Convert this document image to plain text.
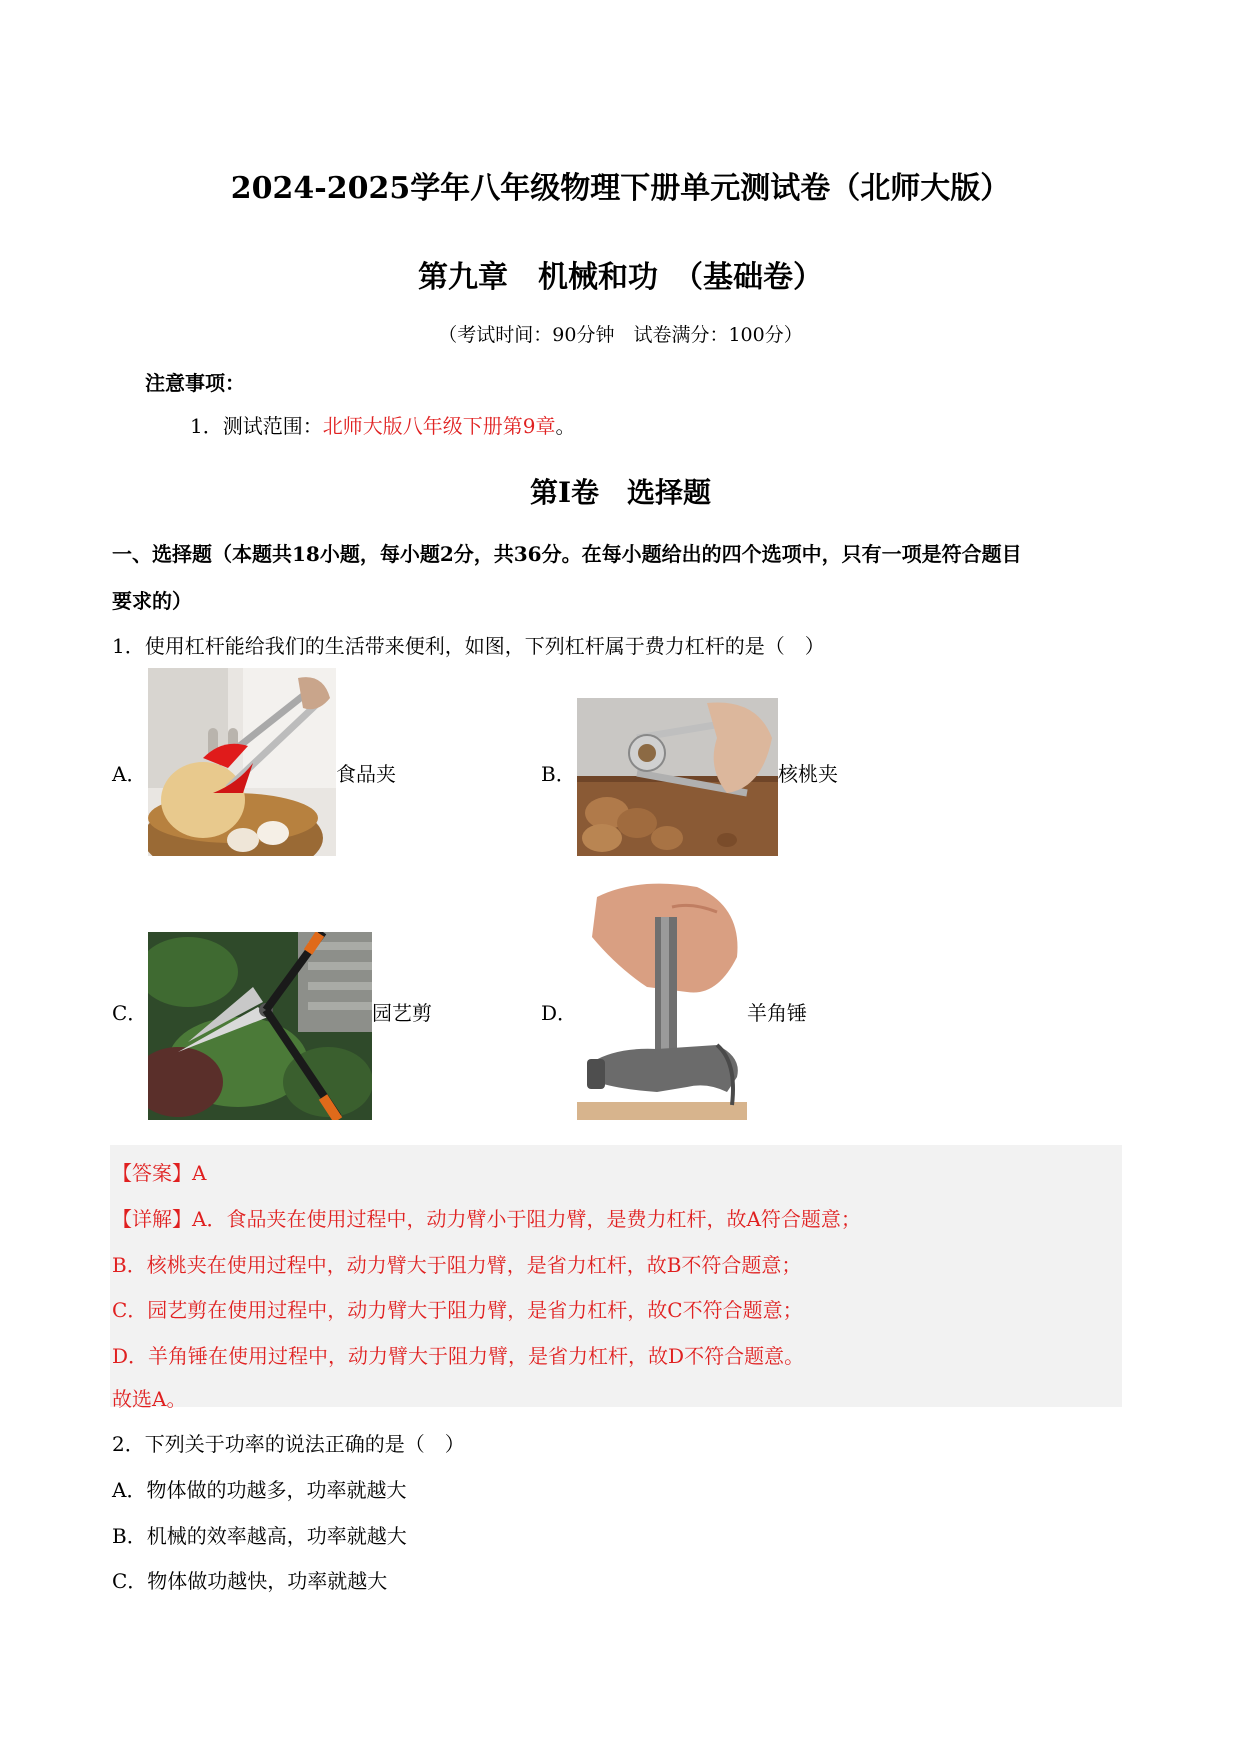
2024-2025学年八年级物理下册单元测试卷（北师大版）
第九章　机械和功　（基础卷）
（考试时间：90分钟　试卷满分：100分）
注意事项：
1．测试范围：北师大版八年级下册第9章。
第Ⅰ卷　选择题
一、选择题（本题共18小题，每小题2分，共36分。在每小题给出的四个选项中，只有一项是符合题目
要求的）
1．使用杠杆能给我们的生活带来便利，如图，下列杠杆属于费力杠杆的是（　）
A．	食品夹	B．	核桃夹
C．	园艺剪	D．	羊角锤
【答案】A
【详解】A．食品夹在使用过程中，动力臂小于阻力臂，是费力杠杆，故A符合题意；
B．核桃夹在使用过程中，动力臂大于阻力臂，是省力杠杆，故B不符合题意；
C．园艺剪在使用过程中，动力臂大于阻力臂，是省力杠杆，故C不符合题意；
D．羊角锤在使用过程中，动力臂大于阻力臂，是省力杠杆，故D不符合题意。
故选A。
2．下列关于功率的说法正确的是（　）
A．物体做的功越多，功率就越大
B．机械的效率越高，功率就越大
C．物体做功越快，功率就越大
